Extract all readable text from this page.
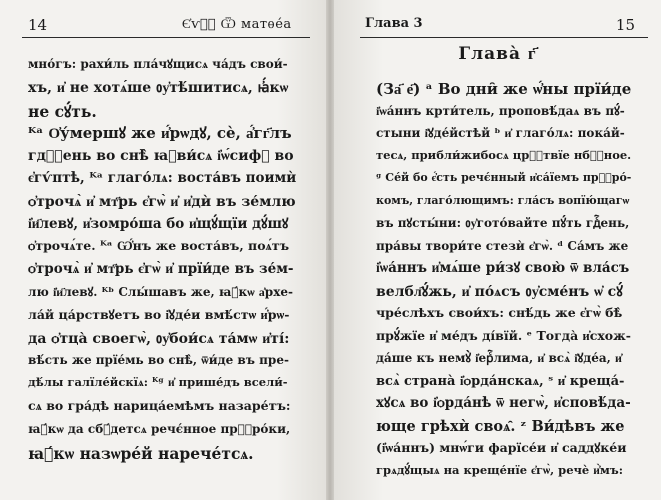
14	Є҆ѵⷢ҇ Ѿ матѳе́а
мно́гъ: рахи́ль пла́чꙋщисѧ ча́дъ свои́-
хъ, и҆ не хотѧ́ше ᲂу҆тѣ́шитисѧ, ꙗ҆́кѡ
не сꙋ́ть.
ᴷᵃ О҆у́мершꙋ же и҆́рѡдꙋ, сѐ, а҆́гг҃лъ
гдⷭ҇ень во снѣ̀ ꙗ҆ви́сѧ і҆ѡ́сифꙋ во
є҆гѵ́птѣ, ᴷᵃ глаго́лѧ: воста́въ поимѝ
ѻ҆трочѧ̀ и҆ мт҃рь є҆гѡ̀ и҆ и҆дѝ въ зе́млю
і҆и҃левꙋ, и҆зомро́ша бо и҆щꙋ́щїи дꙋ́шꙋ
ѻ҆трочѧ́те. ᴷᵃ Ѡ҆́нъ же воста́въ, поѧ́тъ
ѻ҆трочѧ̀ и҆ мт҃рь є҆гѡ̀ и҆ прїи́де въ зе́м-
лю і҆и҃левꙋ. ᴷᵇ Слы́шавъ же, ꙗ҆́кѡ а҆рхе-
ла́й ца́рствꙋетъ во і҆ꙋде́и вмѣ́стѡ и҆́рѡ-
да ѻ҆тца̀ своегѡ̀, ᲂу҆бои́сѧ та́мѡ и҆ті́:
вѣ́сть же прїе́мь во снѣ̀, ѿи́де въ пре-
дѣ́лы галїле́йскїѧ: ᴷᵍ и҆ прише́дъ всели́-
сѧ во гра́дѣ нарица́емѣмъ назаре́тъ:
ꙗ҆́кѡ да сбꙋ́детсѧ речє́нное прⷪ҇ро́ки,
ꙗ҆́кѡ назѡре́й нарече́тсѧ.
Глава 3	15
Глава̀ г҃
(За҃ е҃) ᵃ Во дни̑ же ѡ҆́ны прїи́де
і҆ѡа́ннъ крти́тель, проповѣ́даѧ въ пꙋ́-
стыни і҆ꙋде́йстѣй ᵇ и҆ глаго́лѧ: пока́й-
тесѧ, прибли́жибосѧ црⷭ҇твїе нбⷭ҇ное.
ᵍ Се́й бо є҆́сть речє́нный и҆са́їемъ прⷪ҇ро́-
комъ, глаго́лющимъ: гла́съ вопїю́щагѡ
въ пꙋсты́ни: ᲂу҆гото́вайте пꙋ́ть гдⷭ҇ень,
пра́вы твори́те стезѝ є҆гѡ̀. ᵈ Са́мъ же
і҆ѡа́ннъ и҆мѧ́ше ри́зꙋ свою̀ ѿ вла́съ
велбл҄ꙋ́жь, и҆ по́ѧсъ ᲂу҆сме́нъ ѡ҆ сꙋ́
чре́слѣхъ свои́хъ: снѣ́дь же є҆гѡ̀ бѣ̀
прꙋ́жїе и҆ ме́дъ ді́вїй. ᵉ Тогда̀ и҆схож-
да́ше къ немꙋ̀ і҆ерⷭ҇лима, и҆ всѧ̀ і҆ꙋде́а, и҆
всѧ̀ страна̀ і҆ѻрда́нскаѧ, ˢ и҆ креща́-
хꙋсѧ во і҆ѻрда́нѣ ѿ негѡ̀, и҆сповѣ́да-
юще грѣхѝ своѧ̑. ᶻ Ви́дѣвъ же
(і҆ѡа́ннъ) мнѡ́ги фарїсе́и и҆ саддꙋке́и
грѧдꙋ́щыѧ на креще́нїе є҆гѡ̀, речѐ и҆̀мъ:
